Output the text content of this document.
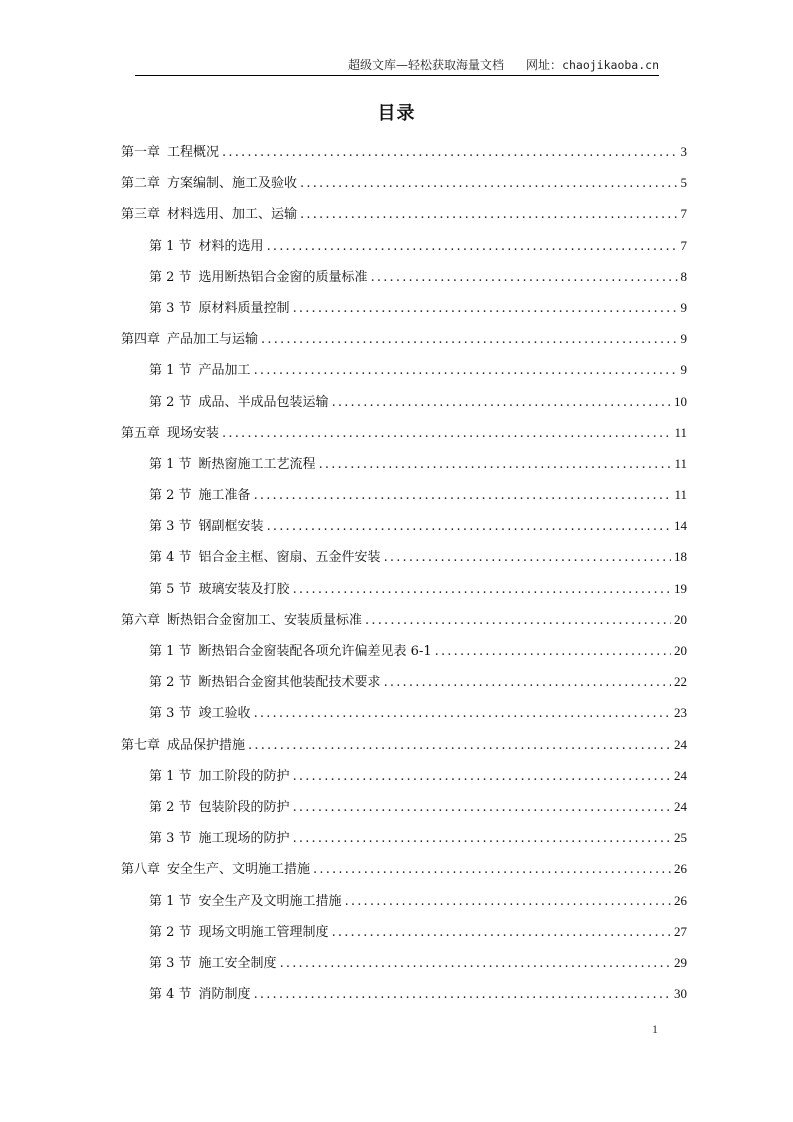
超级文库—轻松获取海量文档 网址：chaojikaoba.cn
目录
第一章 工程概况 .....	3
第二章 方案编制、施工及验收 .....	5
第三章 材料选用、加工、运输 .....	7
第 1 节 材料的选用 .....	7
第 2 节 选用断热铝合金窗的质量标准 .....	8
第 3 节 原材料质量控制 .....	9
第四章 产品加工与运输 .....	9
第 1 节 产品加工 .....	9
第 2 节 成品、半成品包装运输 .....	10
第五章 现场安装 .....	11
第 1 节 断热窗施工工艺流程 .....	11
第 2 节 施工准备 .....	11
第 3 节 钢副框安装 .....	14
第 4 节 铝合金主框、窗扇、五金件安装 .....	18
第 5 节 玻璃安装及打胶 .....	19
第六章 断热铝合金窗加工、安装质量标准 .....	20
第 1 节 断热铝合金窗装配各项允许偏差见表 6-1 .....	20
第 2 节 断热铝合金窗其他装配技术要求 .....	22
第 3 节 竣工验收 .....	23
第七章 成品保护措施 .....	24
第 1 节 加工阶段的防护 .....	24
第 2 节 包装阶段的防护 .....	24
第 3 节 施工现场的防护 .....	25
第八章 安全生产、文明施工措施 .....	26
第 1 节 安全生产及文明施工措施 .....	26
第 2 节 现场文明施工管理制度 .....	27
第 3 节 施工安全制度 .....	29
第 4 节 消防制度 .....	30
1
